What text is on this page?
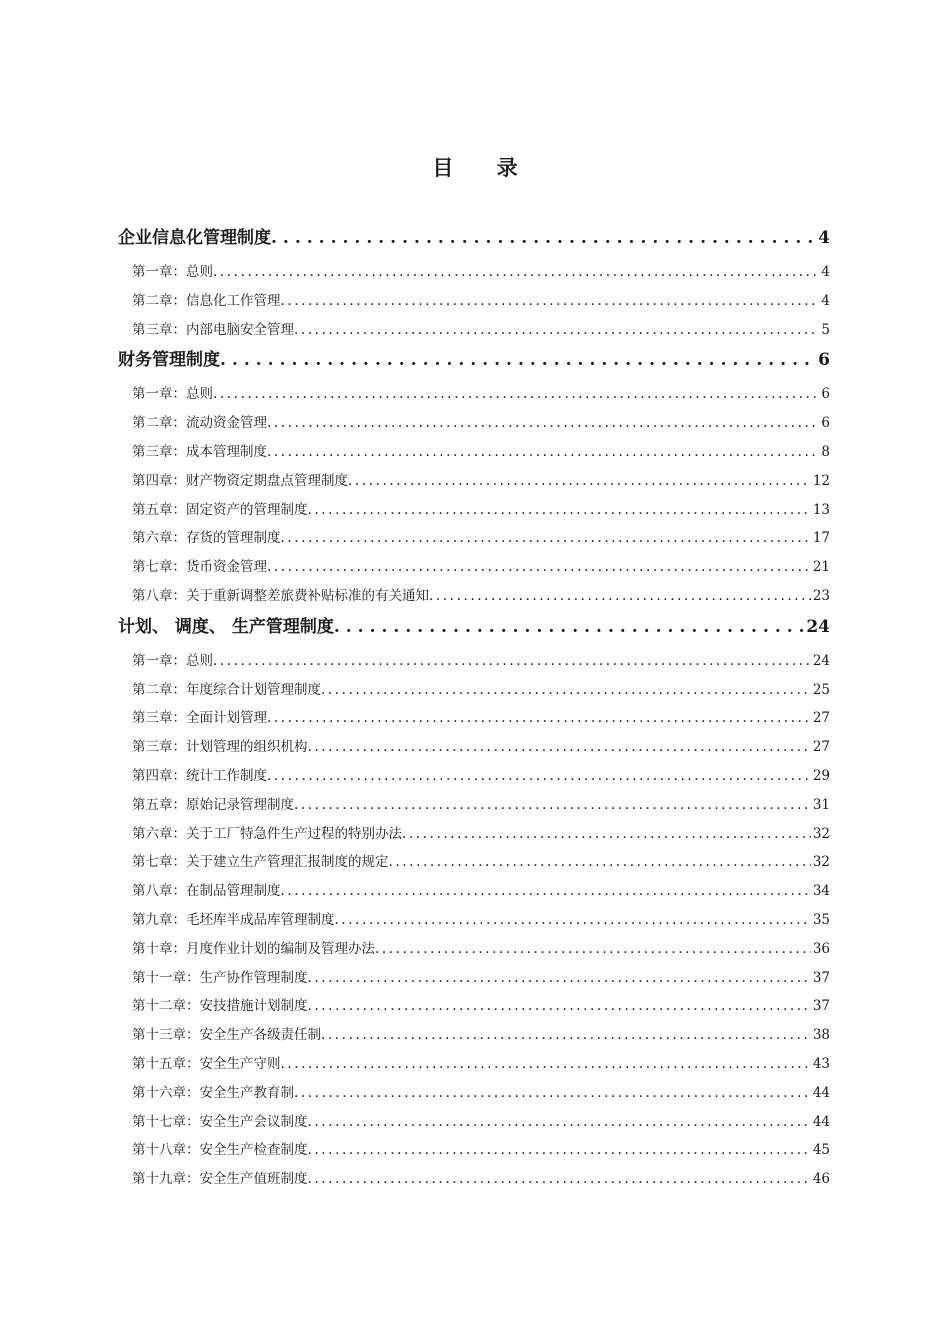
目 录
企业信息化管理制度 .....	4
第一章：总则 .....	4
第二章：信息化工作管理 .....	4
第三章：内部电脑安全管理 .....	5
财务管理制度 .....	6
第一章：总则 .....	6
第二章：流动资金管理 .....	6
第三章：成本管理制度 .....	8
第四章：财产物资定期盘点管理制度 .....	12
第五章：固定资产的管理制度 .....	13
第六章：存货的管理制度 .....	17
第七章：货币资金管理 .....	21
第八章：关于重新调整差旅费补贴标准的有关通知 .....	23
计划、 调度、 生产管理制度 .....	24
第一章：总则 .....	24
第二章：年度综合计划管理制度 .....	25
第三章：全面计划管理 .....	27
第三章：计划管理的组织机构 .....	27
第四章：统计工作制度 .....	29
第五章：原始记录管理制度 .....	31
第六章：关于工厂特急件生产过程的特别办法 .....	32
第七章：关于建立生产管理汇报制度的规定 .....	32
第八章：在制品管理制度 .....	34
第九章：毛坯库半成品库管理制度 .....	35
第十章：月度作业计划的编制及管理办法 .....	36
第十一章：生产协作管理制度 .....	37
第十二章：安技措施计划制度 .....	37
第十三章：安全生产各级责任制 .....	38
第十五章：安全生产守则 .....	43
第十六章：安全生产教育制 .....	44
第十七章：安全生产会议制度 .....	44
第十八章：安全生产检查制度 .....	45
第十九章：安全生产值班制度 .....	46
